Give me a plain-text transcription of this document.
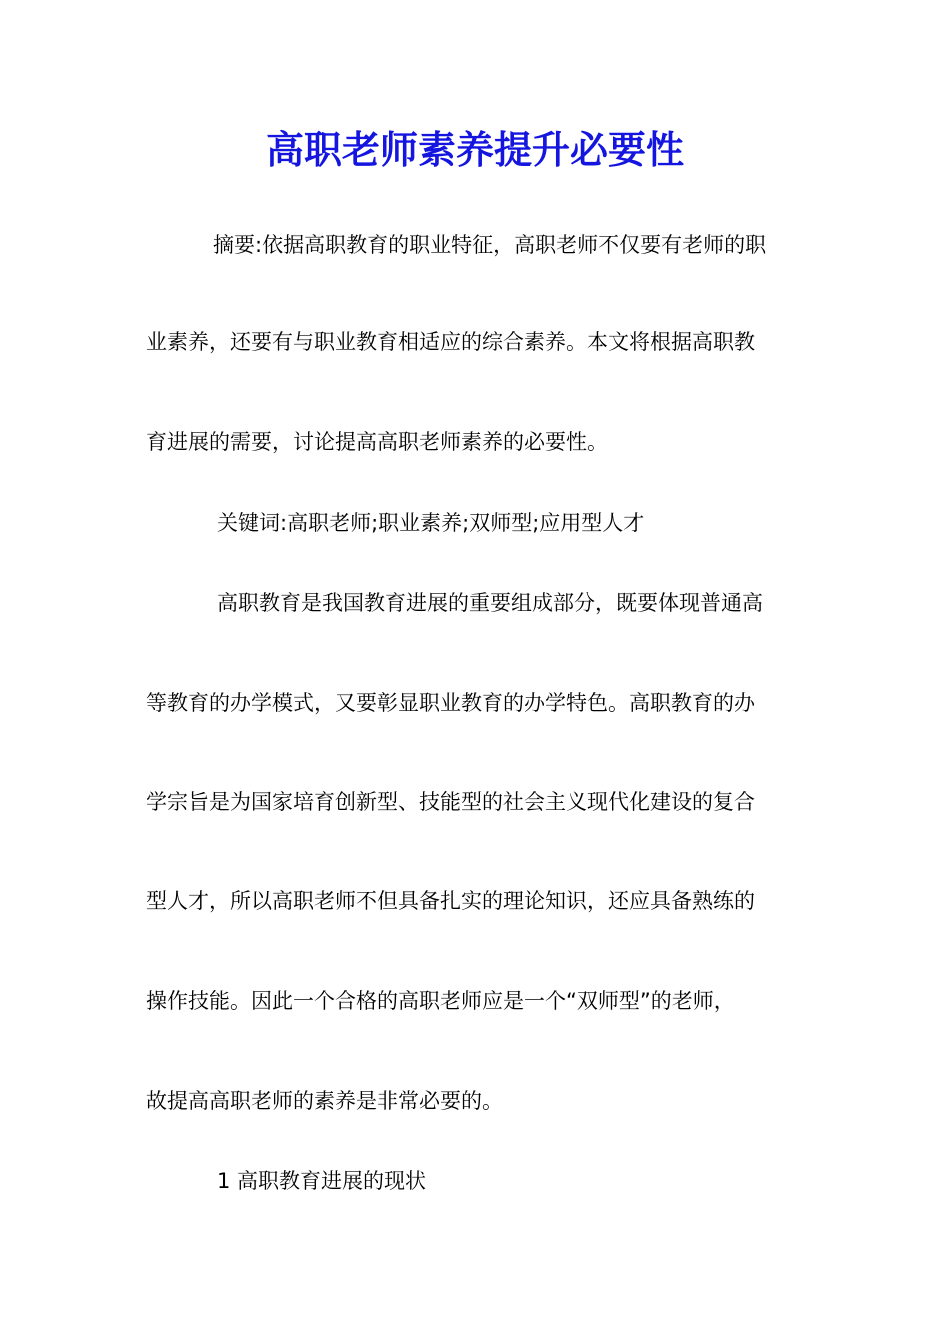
高职老师素养提升必要性
摘要:依据高职教育的职业特征，高职老师不仅要有老师的职
业素养，还要有与职业教育相适应的综合素养。本文将根据高职教
育进展的需要，讨论提高高职老师素养的必要性。
关键词:高职老师;职业素养;双师型;应用型人才
高职教育是我国教育进展的重要组成部分，既要体现普通高
等教育的办学模式，又要彰显职业教育的办学特色。高职教育的办
学宗旨是为国家培育创新型、技能型的社会主义现代化建设的复合
型人才，所以高职老师不但具备扎实的理论知识，还应具备熟练的
操作技能。因此一个合格的高职老师应是一个“双师型”的老师，
故提高高职老师的素养是非常必要的。
1 高职教育进展的现状
